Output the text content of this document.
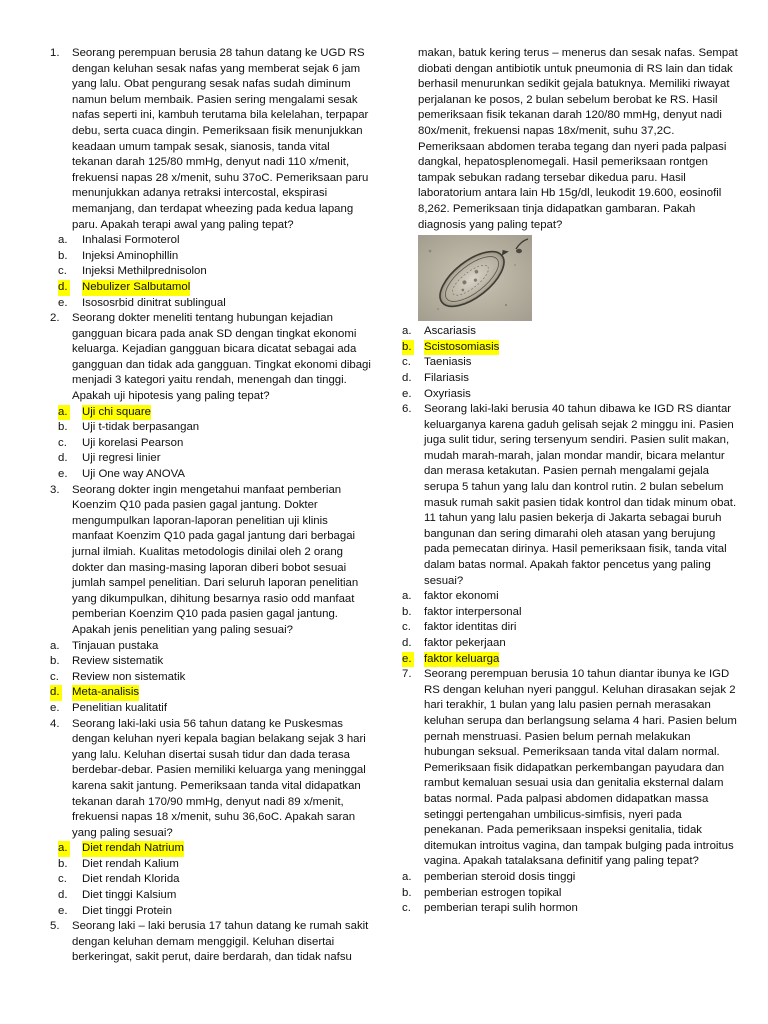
1. Seorang perempuan berusia 28 tahun datang ke UGD RS dengan keluhan sesak nafas yang memberat sejak 6 jam yang lalu. Obat pengurang sesak nafas sudah diminum namun belum membaik. Pasien sering mengalami sesak nafas seperti ini, kambuh terutama bila kelelahan, terpapar debu, serta cuaca dingin. Pemeriksaan fisik menunjukkan keadaan umum tampak sesak, sianosis, tanda vital tekanan darah 125/80 mmHg, denyut nadi 110 x/menit, frekuensi napas 28 x/menit, suhu 37oC. Pemeriksaan paru menunjukkan adanya retraksi intercostal, ekspirasi memanjang, dan terdapat wheezing pada kedua lapang paru. Apakah terapi awal yang paling tepat?
a. Inhalasi Formoterol
b. Injeksi Aminophillin
c. Injeksi Methilprednisolon
d. Nebulizer Salbutamol
e. Isososrbid dinitrat sublingual
2. Seorang dokter meneliti tentang hubungan kejadian gangguan bicara pada anak SD dengan tingkat ekonomi keluarga. Kejadian gangguan bicara dicatat sebagai ada gangguan dan tidak ada gangguan. Tingkat ekonomi dibagi menjadi 3 kategori yaitu rendah, menengah dan tinggi. Apakah uji hipotesis yang paling tepat?
a. Uji chi square
b. Uji t-tidak berpasangan
c. Uji korelasi Pearson
d. Uji regresi linier
e. Uji One way ANOVA
3. Seorang dokter ingin mengetahui manfaat pemberian Koenzim Q10 pada pasien gagal jantung. Dokter mengumpulkan laporan-laporan penelitian uji klinis manfaat Koenzim Q10 pada gagal jantung dari berbagai jurnal ilmiah. Kualitas metodologis dinilai oleh 2 orang dokter dan masing-masing laporan diberi bobot sesuai jumlah sampel penelitian. Dari seluruh laporan penelitian yang dikumpulkan, dihitung besarnya rasio odd manfaat pemberian Koenzim Q10 pada pasien gagal jantung. Apakah jenis penelitian yang paling sesuai?
a. Tinjauan pustaka
b. Review sistematik
c. Review non sistematik
d. Meta-analisis
e. Penelitian kualitatif
4. Seorang laki-laki usia 56 tahun datang ke Puskesmas dengan keluhan nyeri kepala bagian belakang sejak 3 hari yang lalu. Keluhan disertai susah tidur dan dada terasa berdebar-debar. Pasien memiliki keluarga yang meninggal karena sakit jantung. Pemeriksaan tanda vital didapatkan tekanan darah 170/90 mmHg, denyut nadi 89 x/menit, frekuensi napas 18 x/menit, suhu 36,6oC. Apakah saran yang paling sesuai?
a. Diet rendah Natrium
b. Diet rendah Kalium
c. Diet rendah Klorida
d. Diet tinggi Kalsium
e. Diet tinggi Protein
5. Seorang laki – laki berusia 17 tahun datang ke rumah sakit dengan keluhan demam menggigil. Keluhan disertai berkeringat, sakit perut, daire berdarah, dan tidak nafsu
makan, batuk kering terus – menerus dan sesak nafas. Sempat diobati dengan antibiotik untuk pneumonia di RS lain dan tidak berhasil menurunkan sedikit gejala batuknya. Memiliki riwayat perjalanan ke posos, 2 bulan sebelum berobat ke RS. Hasil pemeriksaan fisik tekanan darah 120/80 mmHg, denyut nadi 80x/menit, frekuensi napas 18x/menit, suhu 37,2C. Pemeriksaan abdomen teraba tegang dan nyeri pada palpasi dangkal, hepatosplenomegali. Hasil pemeriksaan rontgen tampak sebukan radang tersebar dikedua paru. Hasil laboratorium antara lain Hb 15g/dl, leukodit 19.600, eosinofil 8,262. Pemeriksaan tinja didapatkan gambaran. Pakah diagnosis yang paling tepat?
a. Ascariasis
b. Scistosomiasis
c. Taeniasis
d. Filariasis
e. Oxyriasis
6. Seorang laki-laki berusia 40 tahun dibawa ke IGD RS diantar keluarganya karena gaduh gelisah sejak 2 minggu ini. Pasien juga sulit tidur, sering tersenyum sendiri. Pasien sulit makan, mudah marah-marah, jalan mondar mandir, bicara melantur dan merasa ketakutan. Pasien pernah mengalami gejala serupa 5 tahun yang lalu dan kontrol rutin. 2 bulan sebelum masuk rumah sakit pasien tidak kontrol dan tidak minum obat. 11 tahun yang lalu pasien bekerja di Jakarta sebagai buruh bangunan dan sering dimarahi oleh atasan yang berujung pada pemecatan dirinya. Hasil pemeriksaan fisik, tanda vital dalam batas normal. Apakah faktor pencetus yang paling sesuai?
a. faktor ekonomi
b. faktor interpersonal
c. faktor identitas diri
d. faktor pekerjaan
e. faktor keluarga
7. Seorang perempuan berusia 10 tahun diantar ibunya ke IGD RS dengan keluhan nyeri panggul. Keluhan dirasakan sejak 2 hari terakhir, 1 bulan yang lalu pasien pernah merasakan keluhan serupa dan berlangsung selama 4 hari. Pasien belum pernah menstruasi. Pasien belum pernah melakukan hubungan seksual. Pemeriksaan tanda vital dalam normal. Pemeriksaan fisik didapatkan perkembangan payudara dan rambut kemaluan sesuai usia dan genitalia eksternal dalam batas normal. Pada palpasi abdomen didapatkan massa setinggi pertengahan umbilicus-simfisis, nyeri pada penekanan. Pada pemeriksaan inspeksi genitalia, tidak ditemukan introitus vagina, dan tampak bulging pada introitus vagina. Apakah tatalaksana definitif yang paling tepat?
a. pemberian steroid dosis tinggi
b. pemberian estrogen topikal
c. pemberian terapi sulih hormon
